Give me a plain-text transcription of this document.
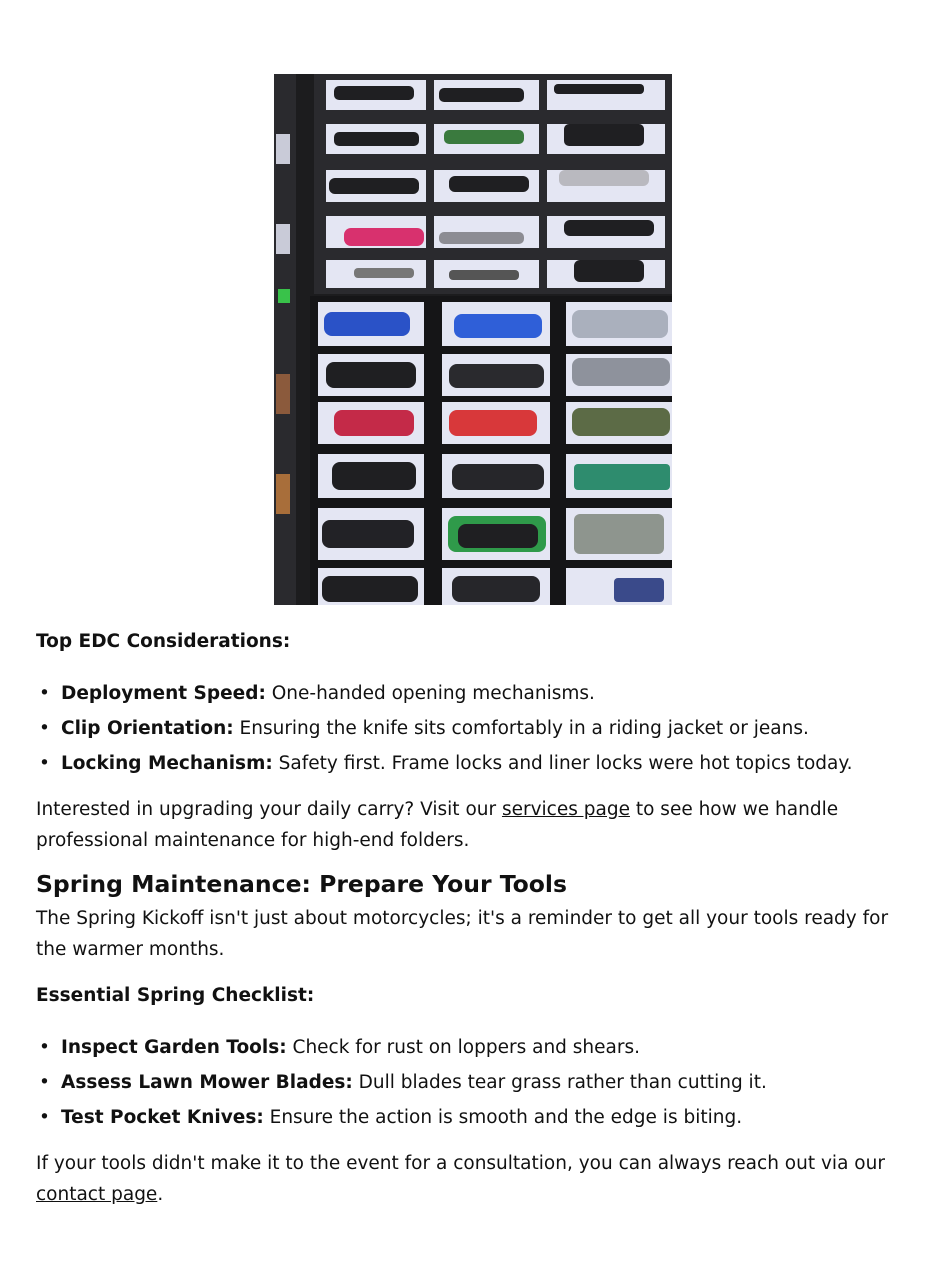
Top EDC Considerations:

• Deployment Speed: One-handed opening mechanisms.
• Clip Orientation: Ensuring the knife sits comfortably in a riding jacket or jeans.
• Locking Mechanism: Safety first. Frame locks and liner locks were hot topics today.

Interested in upgrading your daily carry? Visit our services page to see how we handle professional maintenance for high-end folders.

Spring Maintenance: Prepare Your Tools

The Spring Kickoff isn't just about motorcycles; it's a reminder to get all your tools ready for the warmer months.

Essential Spring Checklist:

• Inspect Garden Tools: Check for rust on loppers and shears.
• Assess Lawn Mower Blades: Dull blades tear grass rather than cutting it.
• Test Pocket Knives: Ensure the action is smooth and the edge is biting.

If your tools didn't make it to the event for a consultation, you can always reach out via our contact page.
